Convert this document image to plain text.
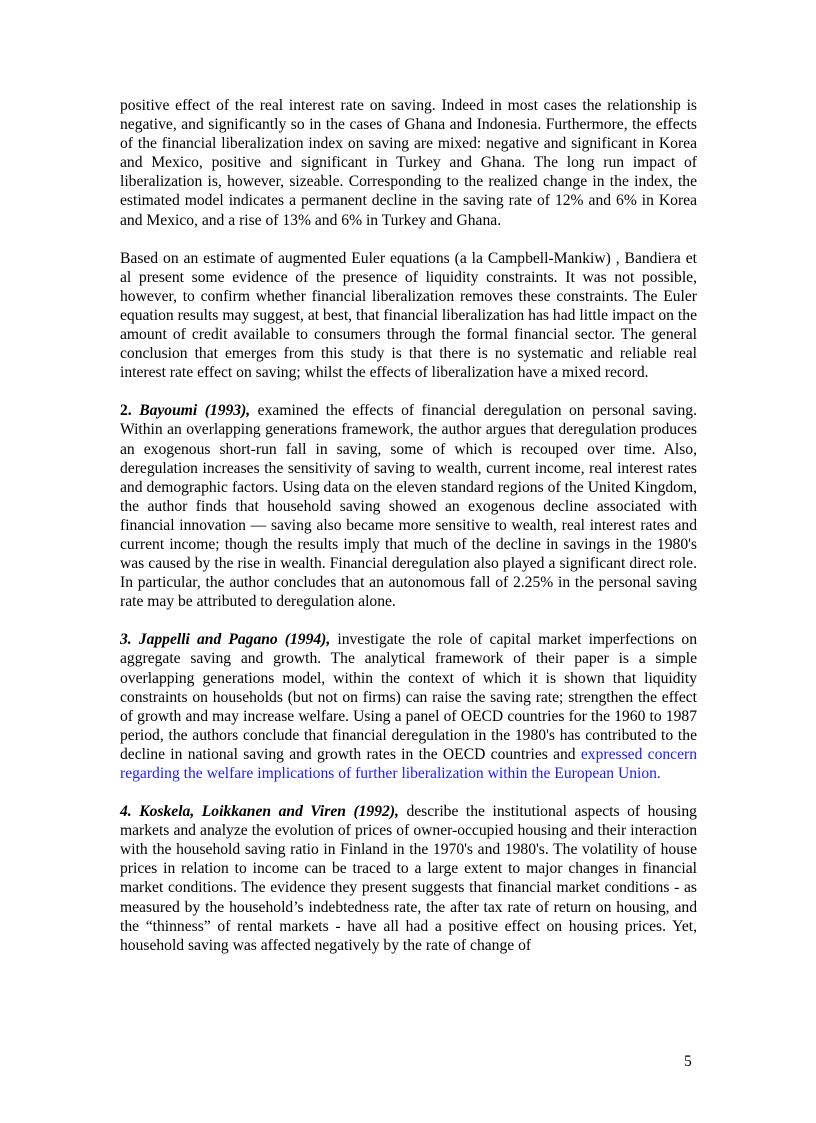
positive effect of the real interest rate on saving. Indeed in most cases the relationship is negative, and significantly so in the cases of Ghana and Indonesia. Furthermore, the effects of the financial liberalization index on saving are mixed: negative and significant in Korea and Mexico, positive and significant in Turkey and Ghana. The long run impact of liberalization is, however, sizeable. Corresponding to the realized change in the index, the estimated model indicates a permanent decline in the saving rate of 12% and 6% in Korea and Mexico, and a rise of 13% and 6% in Turkey and Ghana.

Based on an estimate of augmented Euler equations (a la Campbell-Mankiw) , Bandiera et al present some evidence of the presence of liquidity constraints. It was not possible, however, to confirm whether financial liberalization removes these constraints. The Euler equation results may suggest, at best, that financial liberalization has had little impact on the amount of credit available to consumers through the formal financial sector. The general conclusion that emerges from this study is that there is no systematic and reliable real interest rate effect on saving; whilst the effects of liberalization have a mixed record.

2. Bayoumi (1993), examined the effects of financial deregulation on personal saving. Within an overlapping generations framework, the author argues that deregulation produces an exogenous short-run fall in saving, some of which is recouped over time. Also, deregulation increases the sensitivity of saving to wealth, current income, real interest rates and demographic factors. Using data on the eleven standard regions of the United Kingdom, the author finds that household saving showed an exogenous decline associated with financial innovation — saving also became more sensitive to wealth, real interest rates and current income; though the results imply that much of the decline in savings in the 1980's was caused by the rise in wealth. Financial deregulation also played a significant direct role. In particular, the author concludes that an autonomous fall of 2.25% in the personal saving rate may be attributed to deregulation alone.

3. Jappelli and Pagano (1994), investigate the role of capital market imperfections on aggregate saving and growth. The analytical framework of their paper is a simple overlapping generations model, within the context of which it is shown that liquidity constraints on households (but not on firms) can raise the saving rate; strengthen the effect of growth and may increase welfare. Using a panel of OECD countries for the 1960 to 1987 period, the authors conclude that financial deregulation in the 1980's has contributed to the decline in national saving and growth rates in the OECD countries and expressed concern regarding the welfare implications of further liberalization within the European Union.

4. Koskela, Loikkanen and Viren (1992), describe the institutional aspects of housing markets and analyze the evolution of prices of owner-occupied housing and their interaction with the household saving ratio in Finland in the 1970's and 1980's. The volatility of house prices in relation to income can be traced to a large extent to major changes in financial market conditions. The evidence they present suggests that financial market conditions - as measured by the household’s indebtedness rate, the after tax rate of return on housing, and the “thinness” of rental markets - have all had a positive effect on housing prices. Yet, household saving was affected negatively by the rate of change of

5
